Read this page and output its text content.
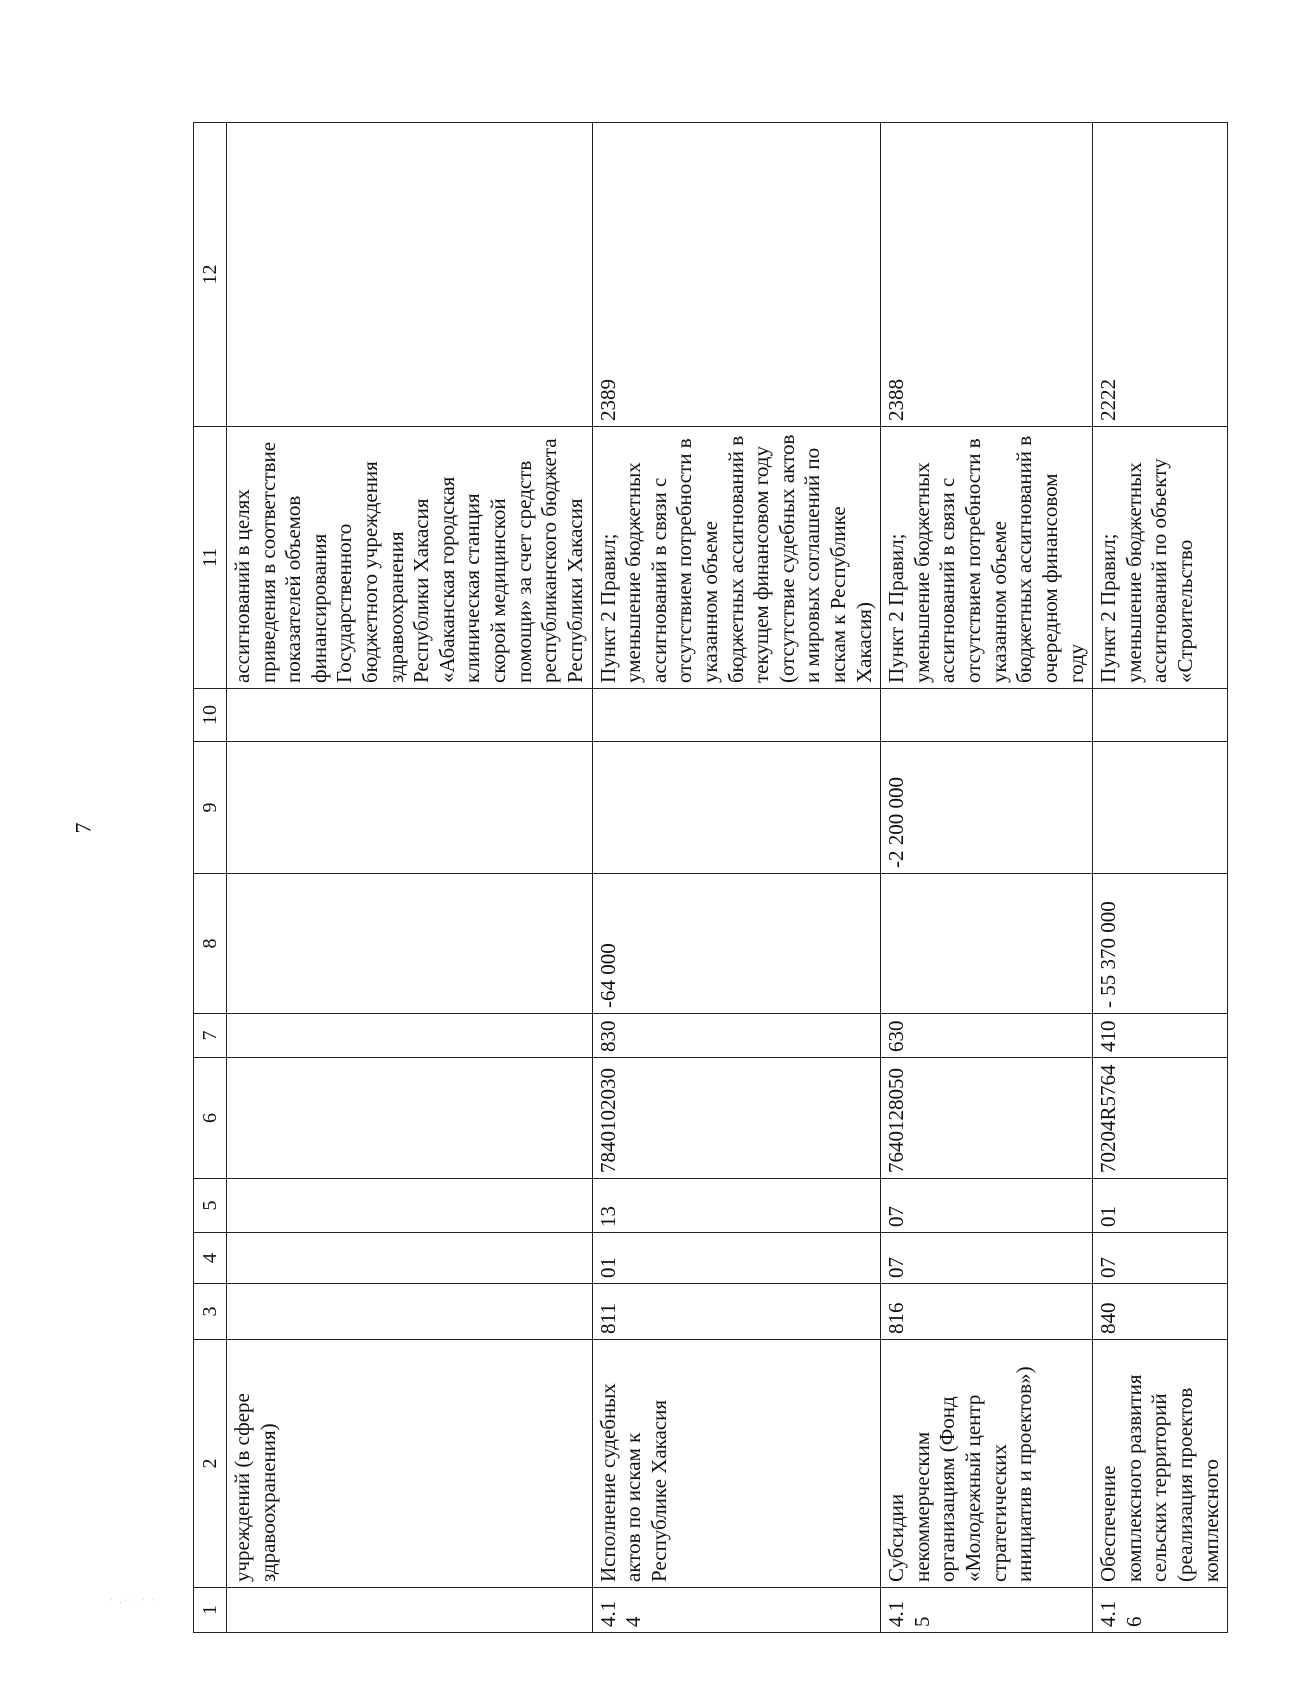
7
· .· · · ·
1	2	3	4	5	6	7	8	9	10	11	12
	учреждений (в сфере здравоохранения)									ассигнований в целях приведения в соответствие показателей объемов финансирования Государственного бюджетного учреждения здравоохранения Республики Хакасия «Абаканская городская клиническая станция скорой медицинской помощи» за счет средств республиканского бюджета Республики Хакасия	
4.14	Исполнение судебных актов по искам к Республике Хакасия	811	01	13	7840102030	830	-64 000			Пункт 2 Правил; уменьшение бюджетных ассигнований в связи с отсутствием потребности в указанном объеме бюджетных ассигнований в текущем финансовом году (отсутствие судебных актов и мировых соглашений по искам к Республике Хакасия)	2389
4.15	Субсидии некоммерческим организациям (Фонд «Молодежный центр стратегических инициатив и проектов»)	816	07	07	7640128050	630		-2 200 000		Пункт 2 Правил; уменьшение бюджетных ассигнований в связи с отсутствием потребности в указанном объеме бюджетных ассигнований в очередном финансовом году	2388
4.16	Обеспечение комплексного развития сельских территорий (реализация проектов комплексного	840	07	01	70204R5764	410	- 55 370 000			Пункт 2 Правил; уменьшение бюджетных ассигнований по объекту «Строительство	2222
